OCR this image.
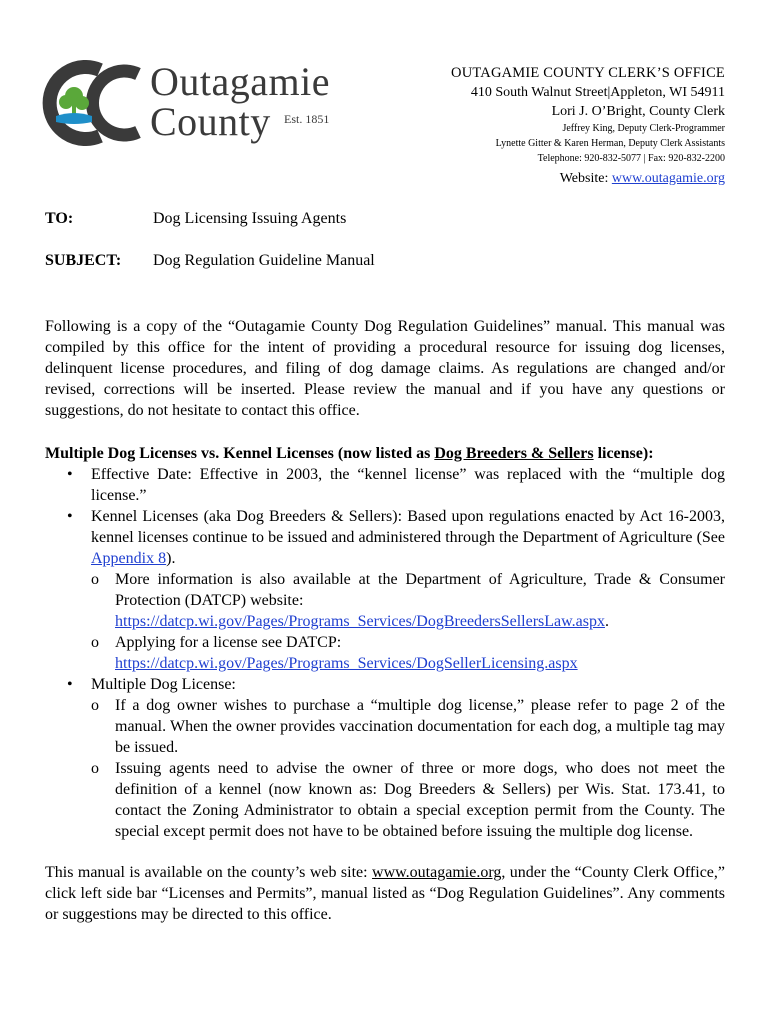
Outagamie
County Est. 1851
OUTAGAMIE COUNTY CLERK’S OFFICE
410 South Walnut Street|Appleton, WI 54911
Lori J. O’Bright, County Clerk
Jeffrey King, Deputy Clerk-Programmer
Lynette Gitter & Karen Herman, Deputy Clerk Assistants
Telephone: 920-832-5077 | Fax: 920-832-2200
Website: www.outagamie.org
TO:	Dog Licensing Issuing Agents
SUBJECT: Dog Regulation Guideline Manual

Following is a copy of the “Outagamie County Dog Regulation Guidelines” manual. This manual was compiled by this office for the intent of providing a procedural resource for issuing dog licenses, delinquent license procedures, and filing of dog damage claims. As regulations are changed and/or revised, corrections will be inserted. Please review the manual and if you have any questions or suggestions, do not hesitate to contact this office.

Multiple Dog Licenses vs. Kennel Licenses (now listed as Dog Breeders & Sellers license):
• Effective Date: Effective in 2003, the “kennel license” was replaced with the “multiple dog license.”
• Kennel Licenses (aka Dog Breeders & Sellers): Based upon regulations enacted by Act 16-2003, kennel licenses continue to be issued and administered through the Department of Agriculture (See Appendix 8).
o More information is also available at the Department of Agriculture, Trade & Consumer Protection (DATCP) website:
https://datcp.wi.gov/Pages/Programs_Services/DogBreedersSellersLaw.aspx.
o Applying for a license see DATCP:
https://datcp.wi.gov/Pages/Programs_Services/DogSellerLicensing.aspx
• Multiple Dog License:
o If a dog owner wishes to purchase a “multiple dog license,” please refer to page 2 of the manual. When the owner provides vaccination documentation for each dog, a multiple tag may be issued.
o Issuing agents need to advise the owner of three or more dogs, who does not meet the definition of a kennel (now known as: Dog Breeders & Sellers) per Wis. Stat. 173.41, to contact the Zoning Administrator to obtain a special exception permit from the County. The special except permit does not have to be obtained before issuing the multiple dog license.

This manual is available on the county’s web site: www.outagamie.org, under the “County Clerk Office,” click left side bar “Licenses and Permits”, manual listed as “Dog Regulation Guidelines”. Any comments or suggestions may be directed to this office.
